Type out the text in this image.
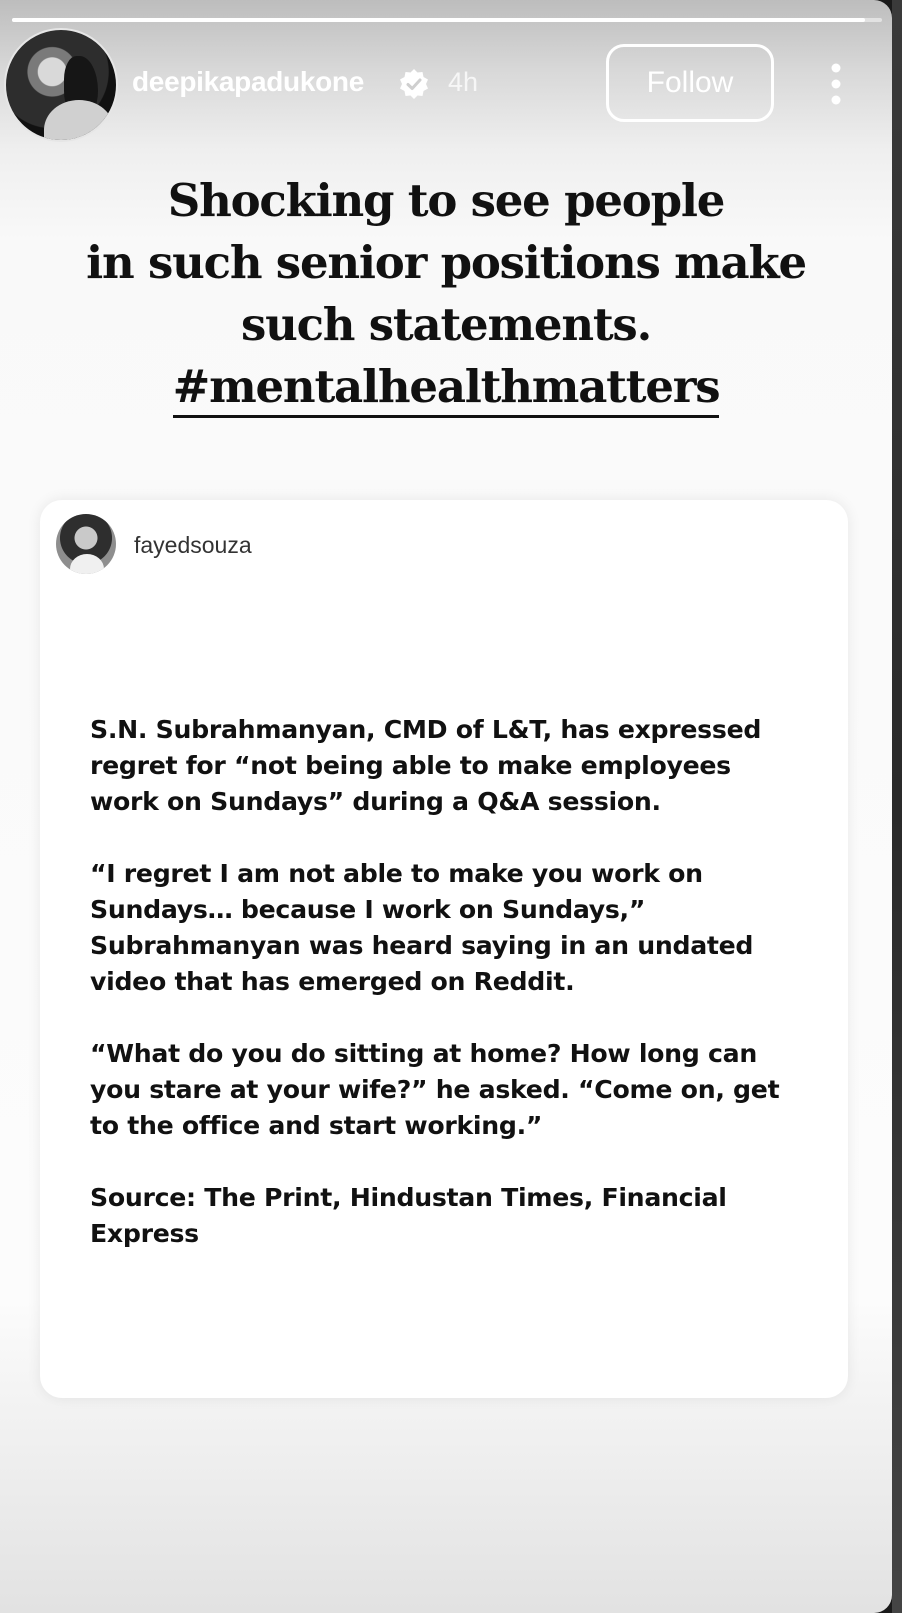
deepikapadukone	4h	Follow
Shocking to see people
in such senior positions make
such statements.
#mentalhealthmatters
fayedsouza

S.N. Subrahmanyan, CMD of L&T, has expressed
regret for “not being able to make employees
work on Sundays” during a Q&A session.

“I regret I am not able to make you work on
Sundays… because I work on Sundays,”
Subrahmanyan was heard saying in an undated
video that has emerged on Reddit.

“What do you do sitting at home? How long can
you stare at your wife?” he asked. “Come on, get
to the office and start working.”

Source: The Print, Hindustan Times, Financial
Express
